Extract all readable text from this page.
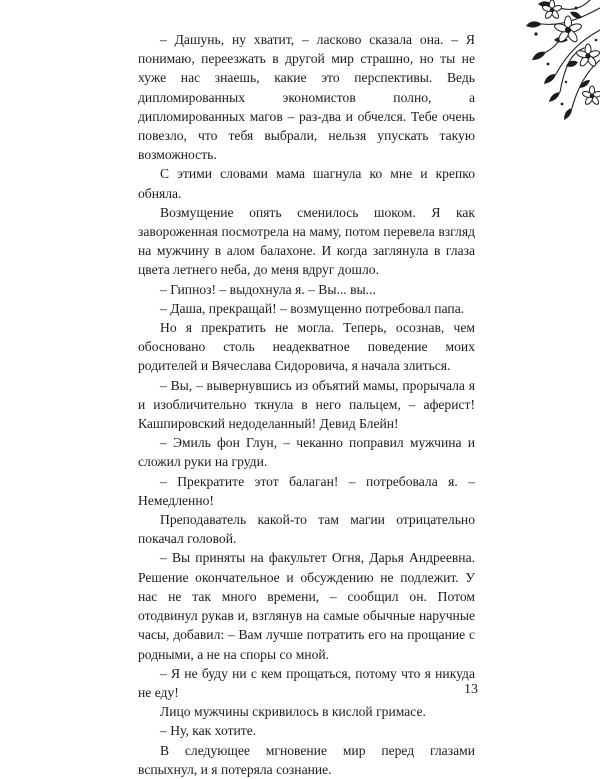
– Дашунь, ну хватит, – ласково сказала она. – Я понимаю, переезжать в другой мир страшно, но ты не хуже нас знаешь, какие это перспективы. Ведь дипломированных экономистов полно, а дипломированных магов – раз-два и обчелся. Тебе очень повезло, что тебя выбрали, нельзя упускать такую возможность.

С этими словами мама шагнула ко мне и крепко обняла.

Возмущение опять сменилось шоком. Я как завороженная посмотрела на маму, потом перевела взгляд на мужчину в алом балахоне. И когда заглянула в глаза цвета летнего неба, до меня вдруг дошло.

– Гипноз! – выдохнула я. – Вы... вы...

– Даша, прекращай! – возмущенно потребовал папа.

Но я прекратить не могла. Теперь, осознав, чем обосновано столь неадекватное поведение моих родителей и Вячеслава Сидоровича, я начала злиться.

– Вы, – вывернувшись из объятий мамы, прорычала я и изобличительно ткнула в него пальцем, – аферист! Кашпировский недоделанный! Девид Блейн!

– Эмиль фон Глун, – чеканно поправил мужчина и сложил руки на груди.

– Прекратите этот балаган! – потребовала я. – Немедленно!

Преподаватель какой-то там магии отрицательно покачал головой.

– Вы приняты на факультет Огня, Дарья Андреевна. Решение окончательное и обсуждению не подлежит. У нас не так много времени, – сообщил он. Потом отодвинул рукав и, взглянув на самые обычные наручные часы, добавил: – Вам лучше потратить его на прощание с родными, а не на споры со мной.

– Я не буду ни с кем прощаться, потому что я никуда не еду!

Лицо мужчины скривилось в кислой гримасе.

– Ну, как хотите.

В следующее мгновение мир перед глазами вспыхнул, и я потеряла сознание.

13
